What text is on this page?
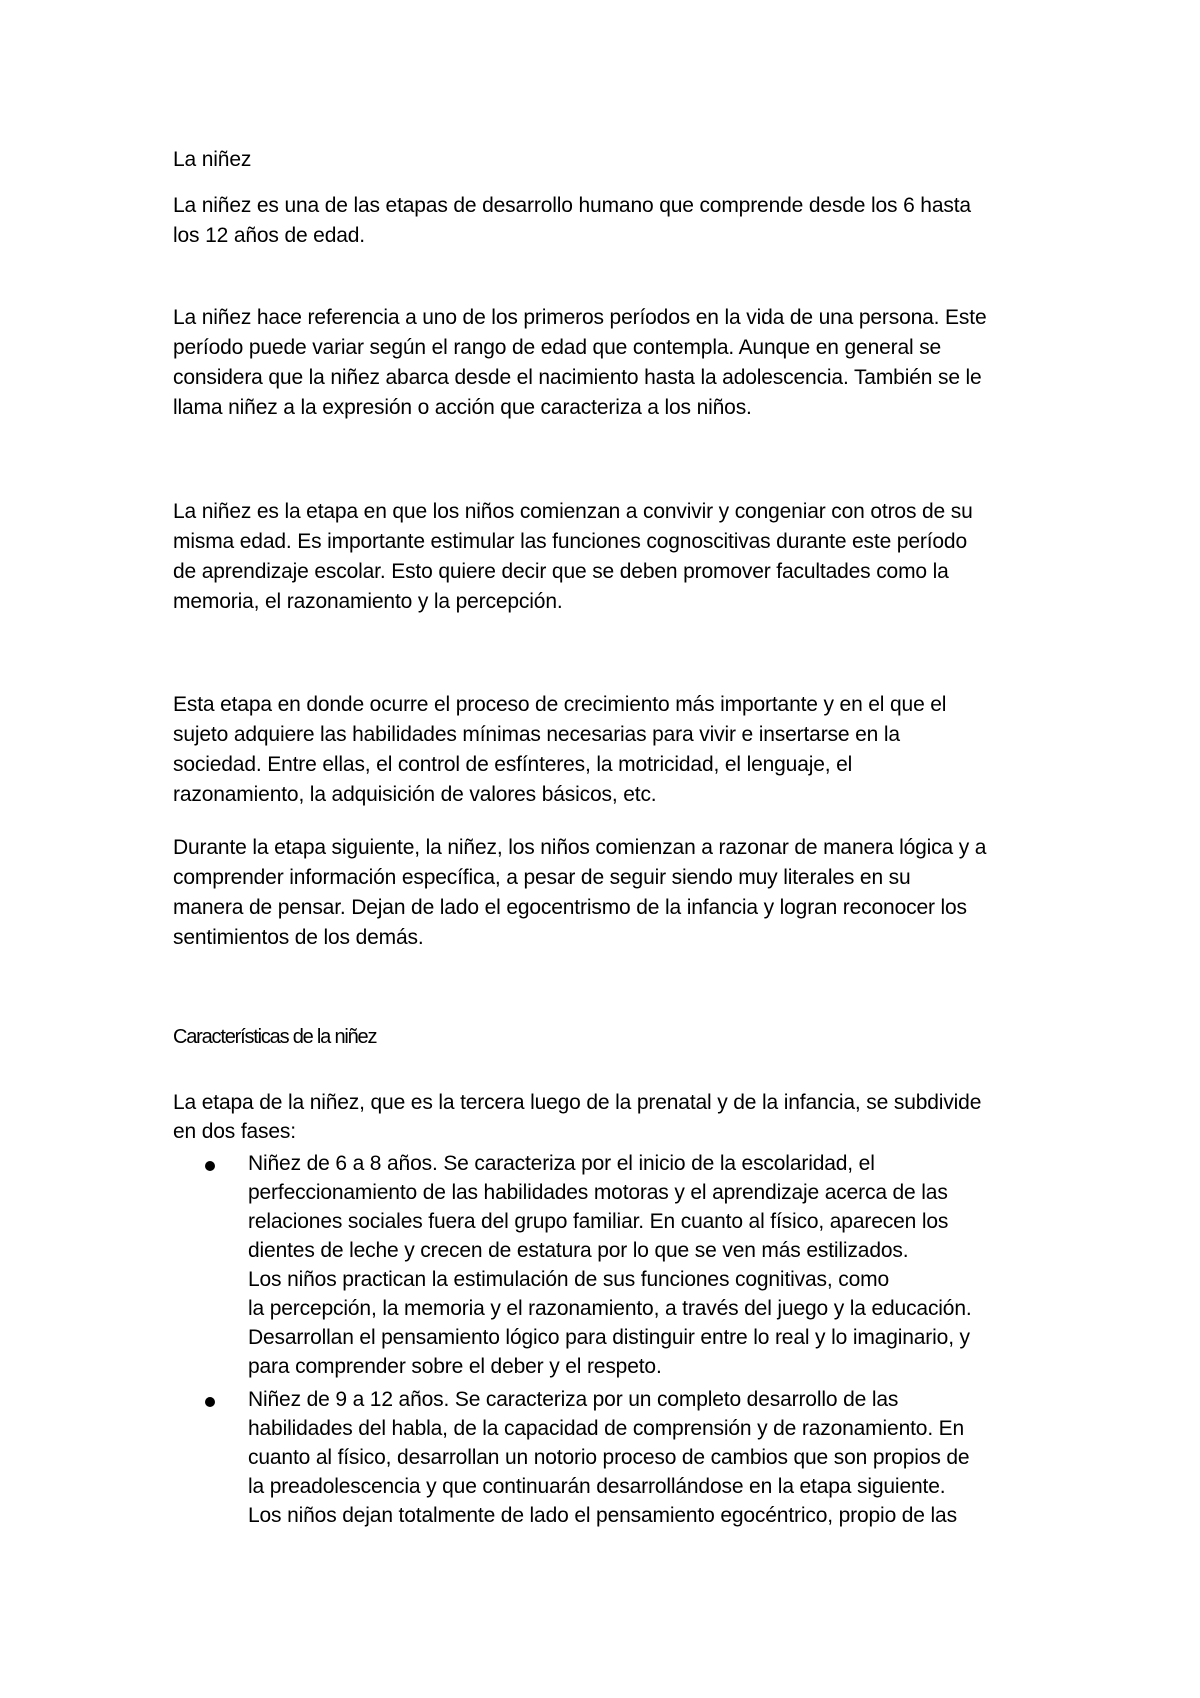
La niñez
La niñez es una de las etapas de desarrollo humano que comprende desde los 6 hasta
los 12 años de edad.
La niñez hace referencia a uno de los primeros períodos en la vida de una persona. Este
período puede variar según el rango de edad que contempla. Aunque en general se
considera que la niñez abarca desde el nacimiento hasta la adolescencia. También se le
llama niñez a la expresión o acción que caracteriza a los niños.
La niñez es la etapa en que los niños comienzan a convivir y congeniar con otros de su
misma edad. Es importante estimular las funciones cognoscitivas durante este período
de aprendizaje escolar. Esto quiere decir que se deben promover facultades como la
memoria, el razonamiento y la percepción.
Esta etapa en donde ocurre el proceso de crecimiento más importante y en el que el
sujeto adquiere las habilidades mínimas necesarias para vivir e insertarse en la
sociedad. Entre ellas, el control de esfínteres, la motricidad, el lenguaje, el
razonamiento, la adquisición de valores básicos, etc.
Durante la etapa siguiente, la niñez, los niños comienzan a razonar de manera lógica y a
comprender información específica, a pesar de seguir siendo muy literales en su
manera de pensar. Dejan de lado el egocentrismo de la infancia y logran reconocer los
sentimientos de los demás.
Características de la niñez
La etapa de la niñez, que es la tercera luego de la prenatal y de la infancia, se subdivide
en dos fases:
Niñez de 6 a 8 años. Se caracteriza por el inicio de la escolaridad, el
perfeccionamiento de las habilidades motoras y el aprendizaje acerca de las
relaciones sociales fuera del grupo familiar. En cuanto al físico, aparecen los
dientes de leche y crecen de estatura por lo que se ven más estilizados.
Los niños practican la estimulación de sus funciones cognitivas, como
la percepción, la memoria y el razonamiento, a través del juego y la educación.
Desarrollan el pensamiento lógico para distinguir entre lo real y lo imaginario, y
para comprender sobre el deber y el respeto.
Niñez de 9 a 12 años. Se caracteriza por un completo desarrollo de las
habilidades del habla, de la capacidad de comprensión y de razonamiento. En
cuanto al físico, desarrollan un notorio proceso de cambios que son propios de
la preadolescencia y que continuarán desarrollándose en la etapa siguiente.
Los niños dejan totalmente de lado el pensamiento egocéntrico, propio de las
